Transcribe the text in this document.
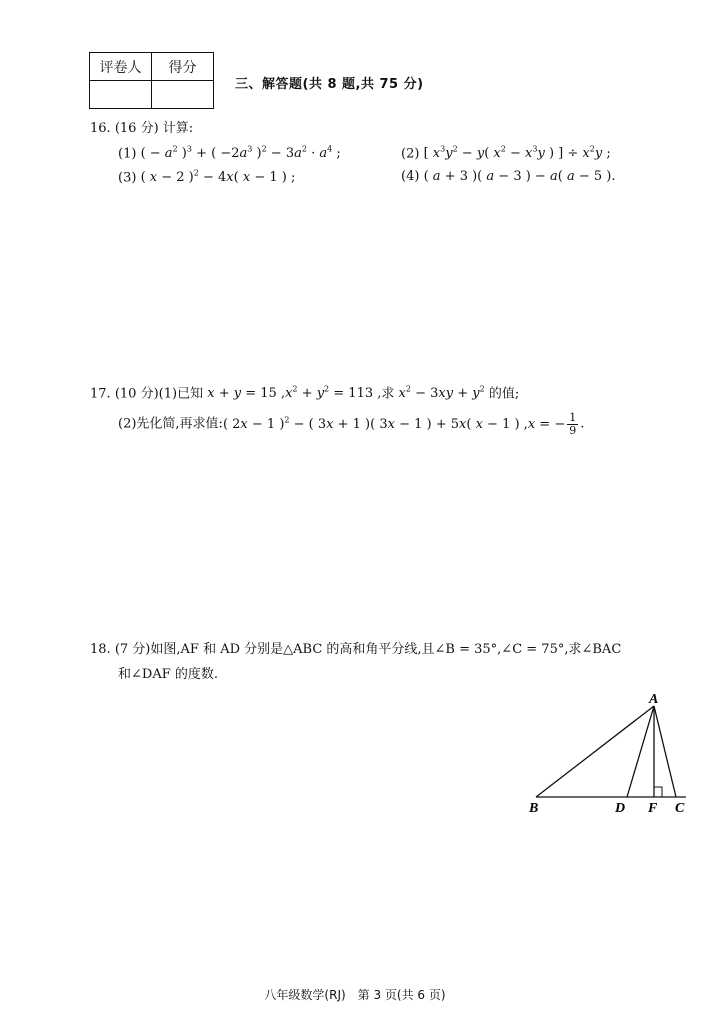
评卷人	得分

三、解答题(共 8 题,共 75 分)
16. (16 分) 计算:
(1) ( − $a^2$ )$^3$ + ( $-2a^3$ )$^2 - 3a^2 \cdot a^4$ ;	(2) [ $x^3y^2 - y$( $x^2 - x^3y$ ) ] ÷ $x^2y$ ;
(3) ( x − 2 )$^2$ − 4x( x − 1 ) ;	(4) ( a + 3 )( a − 3 ) − a( a − 5 ).
17. (10 分)(1)已知 x + y = 15 $,x^2 + y^2 = 113$ ,求 $x^2 - 3xy + y^2$ 的值;
(2)先化简,再求值:( 2x − 1 )$^2$ − ( 3x + 1 )( 3x − 1 ) + 5x( x − 1 ) ,x = − $\frac{1}{9}$ .
18. (7 分)如图,AF 和 AD 分别是△ABC 的高和角平分线,且∠B = 35°,∠C = 75°,求∠BAC
和∠DAF 的度数.
A
B	D F C
八年级数学(RJ)　第 3 页(共 6 页)
